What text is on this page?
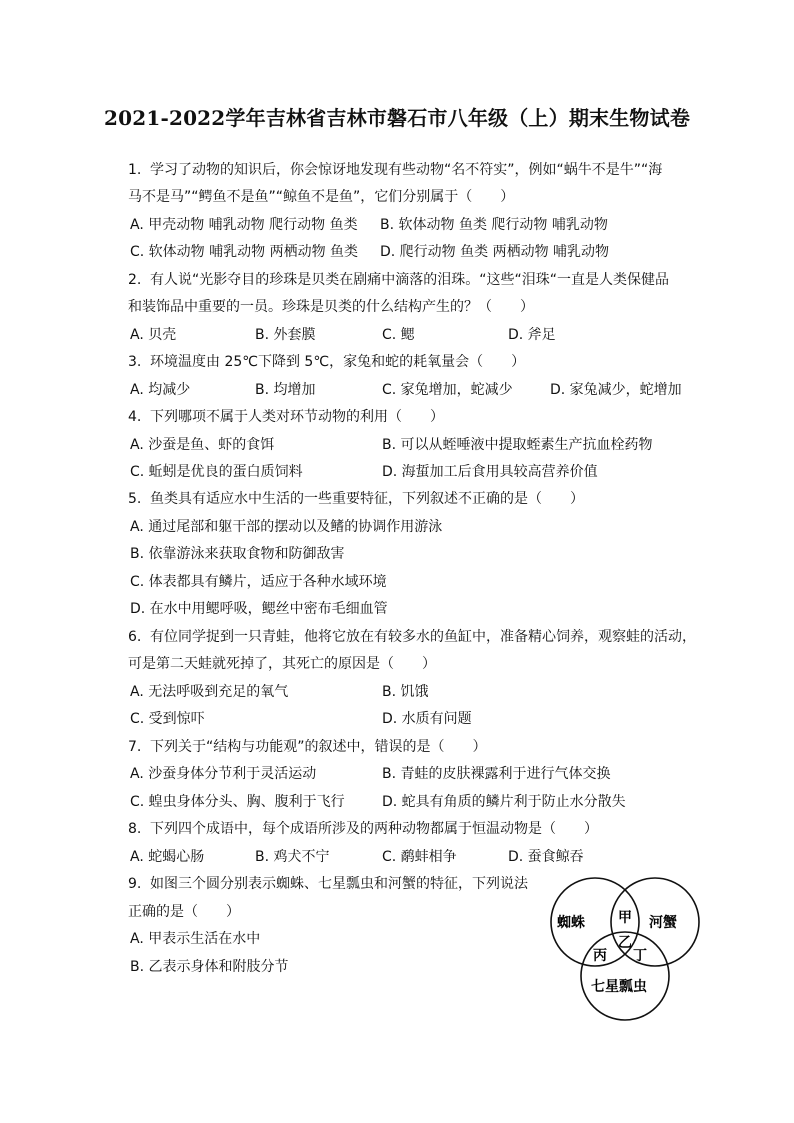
2021-2022学年吉林省吉林市磐石市八年级（上）期末生物试卷
1. 学习了动物的知识后，你会惊讶地发现有些动物“名不符实”，例如“蜗牛不是牛”“海
马不是马”“鳄鱼不是鱼”“鲸鱼不是鱼”，它们分别属于（　　）
A. 甲壳动物 哺乳动物 爬行动物 鱼类 B. 软体动物 鱼类 爬行动物 哺乳动物
C. 软体动物 哺乳动物 两栖动物 鱼类 D. 爬行动物 鱼类 两栖动物 哺乳动物
2. 有人说“光影夺目的珍珠是贝类在剧痛中滴落的泪珠。“这些“泪珠“一直是人类保健品
和装饰品中重要的一员。珍珠是贝类的什么结构产生的？（　　）
A. 贝壳	B. 外套膜	C. 鳃	D. 斧足
3. 环境温度由 25℃下降到 5℃，家兔和蛇的耗氧量会（　　）
A. 均减少	B. 均增加	C. 家兔增加，蛇减少	D. 家兔减少，蛇增加
4. 下列哪项不属于人类对环节动物的利用（　　）
A. 沙蚕是鱼、虾的食饵	B. 可以从蛭唾液中提取蛭素生产抗血栓药物
C. 蚯蚓是优良的蛋白质饲料	D. 海蜇加工后食用具较高营养价值
5. 鱼类具有适应水中生活的一些重要特征，下列叙述不正确的是（　　）
A. 通过尾部和躯干部的摆动以及鳍的协调作用游泳
B. 依靠游泳来获取食物和防御敌害
C. 体表都具有鳞片，适应于各种水域环境
D. 在水中用鳃呼吸，鳃丝中密布毛细血管
6. 有位同学捉到一只青蛙，他将它放在有较多水的鱼缸中，准备精心饲养，观察蛙的活动，
可是第二天蛙就死掉了，其死亡的原因是（　　）
A. 无法呼吸到充足的氧气	B. 饥饿
C. 受到惊吓	D. 水质有问题
7. 下列关于“结构与功能观”的叙述中，错误的是（　　）
A. 沙蚕身体分节利于灵活运动	B. 青蛙的皮肤裸露利于进行气体交换
C. 蝗虫身体分头、胸、腹利于飞行	D. 蛇具有角质的鳞片利于防止水分散失
8. 下列四个成语中，每个成语所涉及的两种动物都属于恒温动物是（　　）
A. 蛇蝎心肠	B. 鸡犬不宁	C. 鹬蚌相争	D. 蚕食鲸吞
9. 如图三个圆分别表示蜘蛛、七星瓢虫和河蟹的特征，下列说法
正确的是（　　）
A. 甲表示生活在水中
B. 乙表示身体和附肢分节
蜘蛛	河蟹
七星瓢虫
甲
乙
丙 丁
